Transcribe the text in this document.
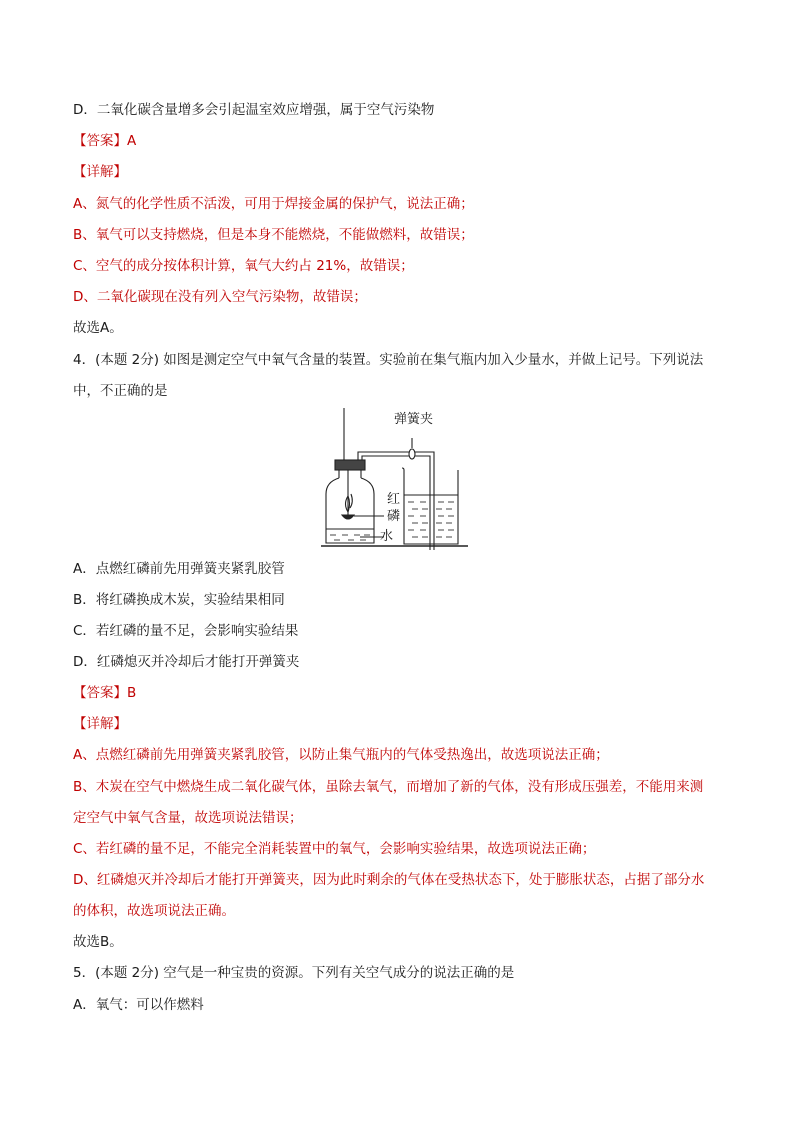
D．二氧化碳含量增多会引起温室效应增强，属于空气污染物
【答案】A
【详解】
A、氮气的化学性质不活泼，可用于焊接金属的保护气，说法正确；
B、氧气可以支持燃烧，但是本身不能燃烧，不能做燃料，故错误；
C、空气的成分按体积计算，氧气大约占 21%，故错误；
D、二氧化碳现在没有列入空气污染物，故错误；
故选A。
4．(本题 2分) 如图是测定空气中氧气含量的装置。实验前在集气瓶内加入少量水，并做上记号。下列说法
中，不正确的是
弹簧夹
红
磷
水
A．点燃红磷前先用弹簧夹紧乳胶管
B．将红磷换成木炭，实验结果相同
C．若红磷的量不足，会影响实验结果
D．红磷熄灭并冷却后才能打开弹簧夹
【答案】B
【详解】
A、点燃红磷前先用弹簧夹紧乳胶管，以防止集气瓶内的气体受热逸出，故选项说法正确；
B、木炭在空气中燃烧生成二氧化碳气体，虽除去氧气，而增加了新的气体，没有形成压强差，不能用来测
定空气中氧气含量，故选项说法错误；
C、若红磷的量不足，不能完全消耗装置中的氧气，会影响实验结果，故选项说法正确；
D、红磷熄灭并冷却后才能打开弹簧夹，因为此时剩余的气体在受热状态下，处于膨胀状态，占据了部分水
的体积，故选项说法正确。
故选B。
5．(本题 2分) 空气是一种宝贵的资源。下列有关空气成分的说法正确的是
A．氧气：可以作燃料
